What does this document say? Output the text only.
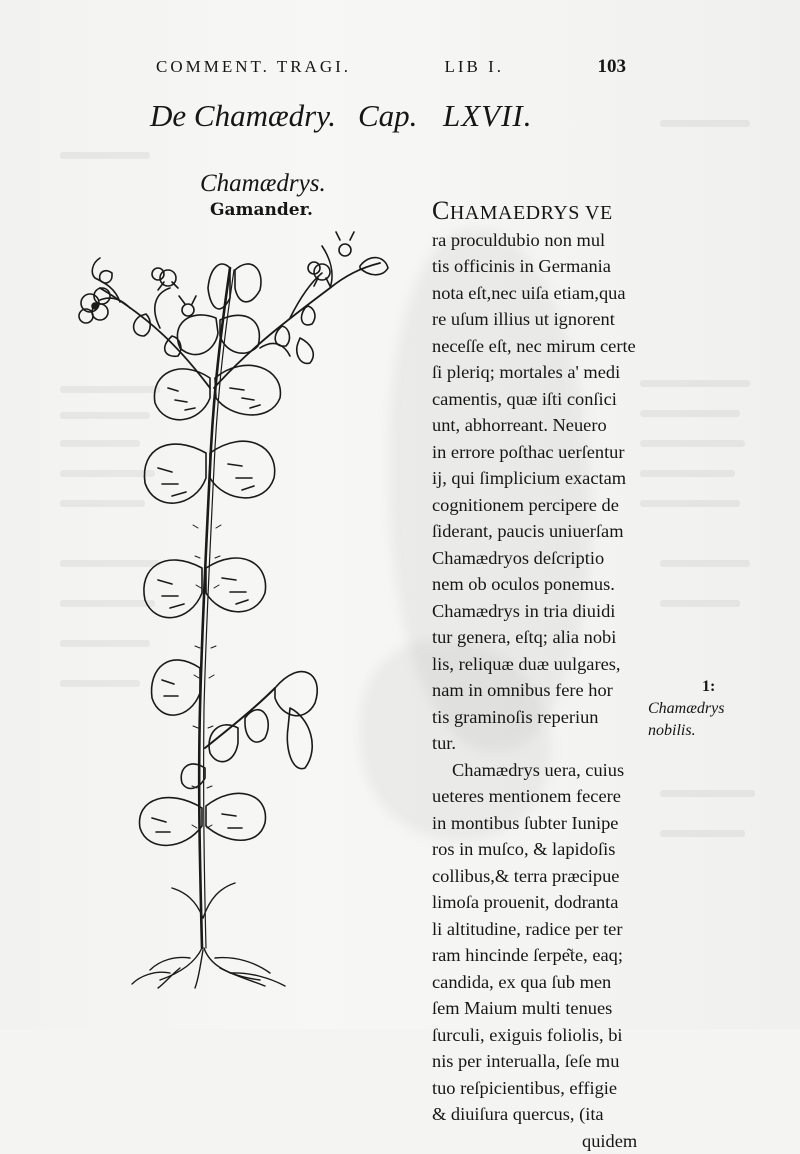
COMMENT. TRAGI.	LIB I.	103
De Chamædry. Cap. LXVII.
Chamædrys.
Gamander.	CHAMAEDRYS VE
ra proculdubio non mul
tis officinis in Germania
nota eſt,nec uiſa etiam,qua
re uſum illius ut ignorent
neceſſe eſt, nec mirum certe
ſi pleriq; mortales a' medi
camentis, quæ iſti conſici
unt, abhorreant. Neuero
in errore poſthac uerſentur
ij, qui ſimplicium exactam
cognitionem percipere de
ſiderant, paucis uniuerſam
Chamædryos deſcriptio
nem ob oculos ponemus.
Chamædrys in tria diuidi
tur genera, eſtq; alia nobi
lis, reliquæ duæ uulgares,
nam in omnibus fere hor
tis graminoſis reperiun
tur.
Chamædrys uera, cuius
ueteres mentionem fecere
in montibus ſubter Iunipe
ros in muſco, & lapidoſis
collibus,& terra præcipue
limoſa prouenit, dodranta
li altitudine, radice per ter
ram hincinde ſerpe͂te, eaq;
candida, ex qua ſub men
ſem Maium multi tenues
ſurculi, exiguis foliolis, bi
nis per interualla, ſeſe mu
tuo reſpicientibus, effigie
& diuiſura quercus, (ita
quidem
1:
Chamædrys
nobilis.
